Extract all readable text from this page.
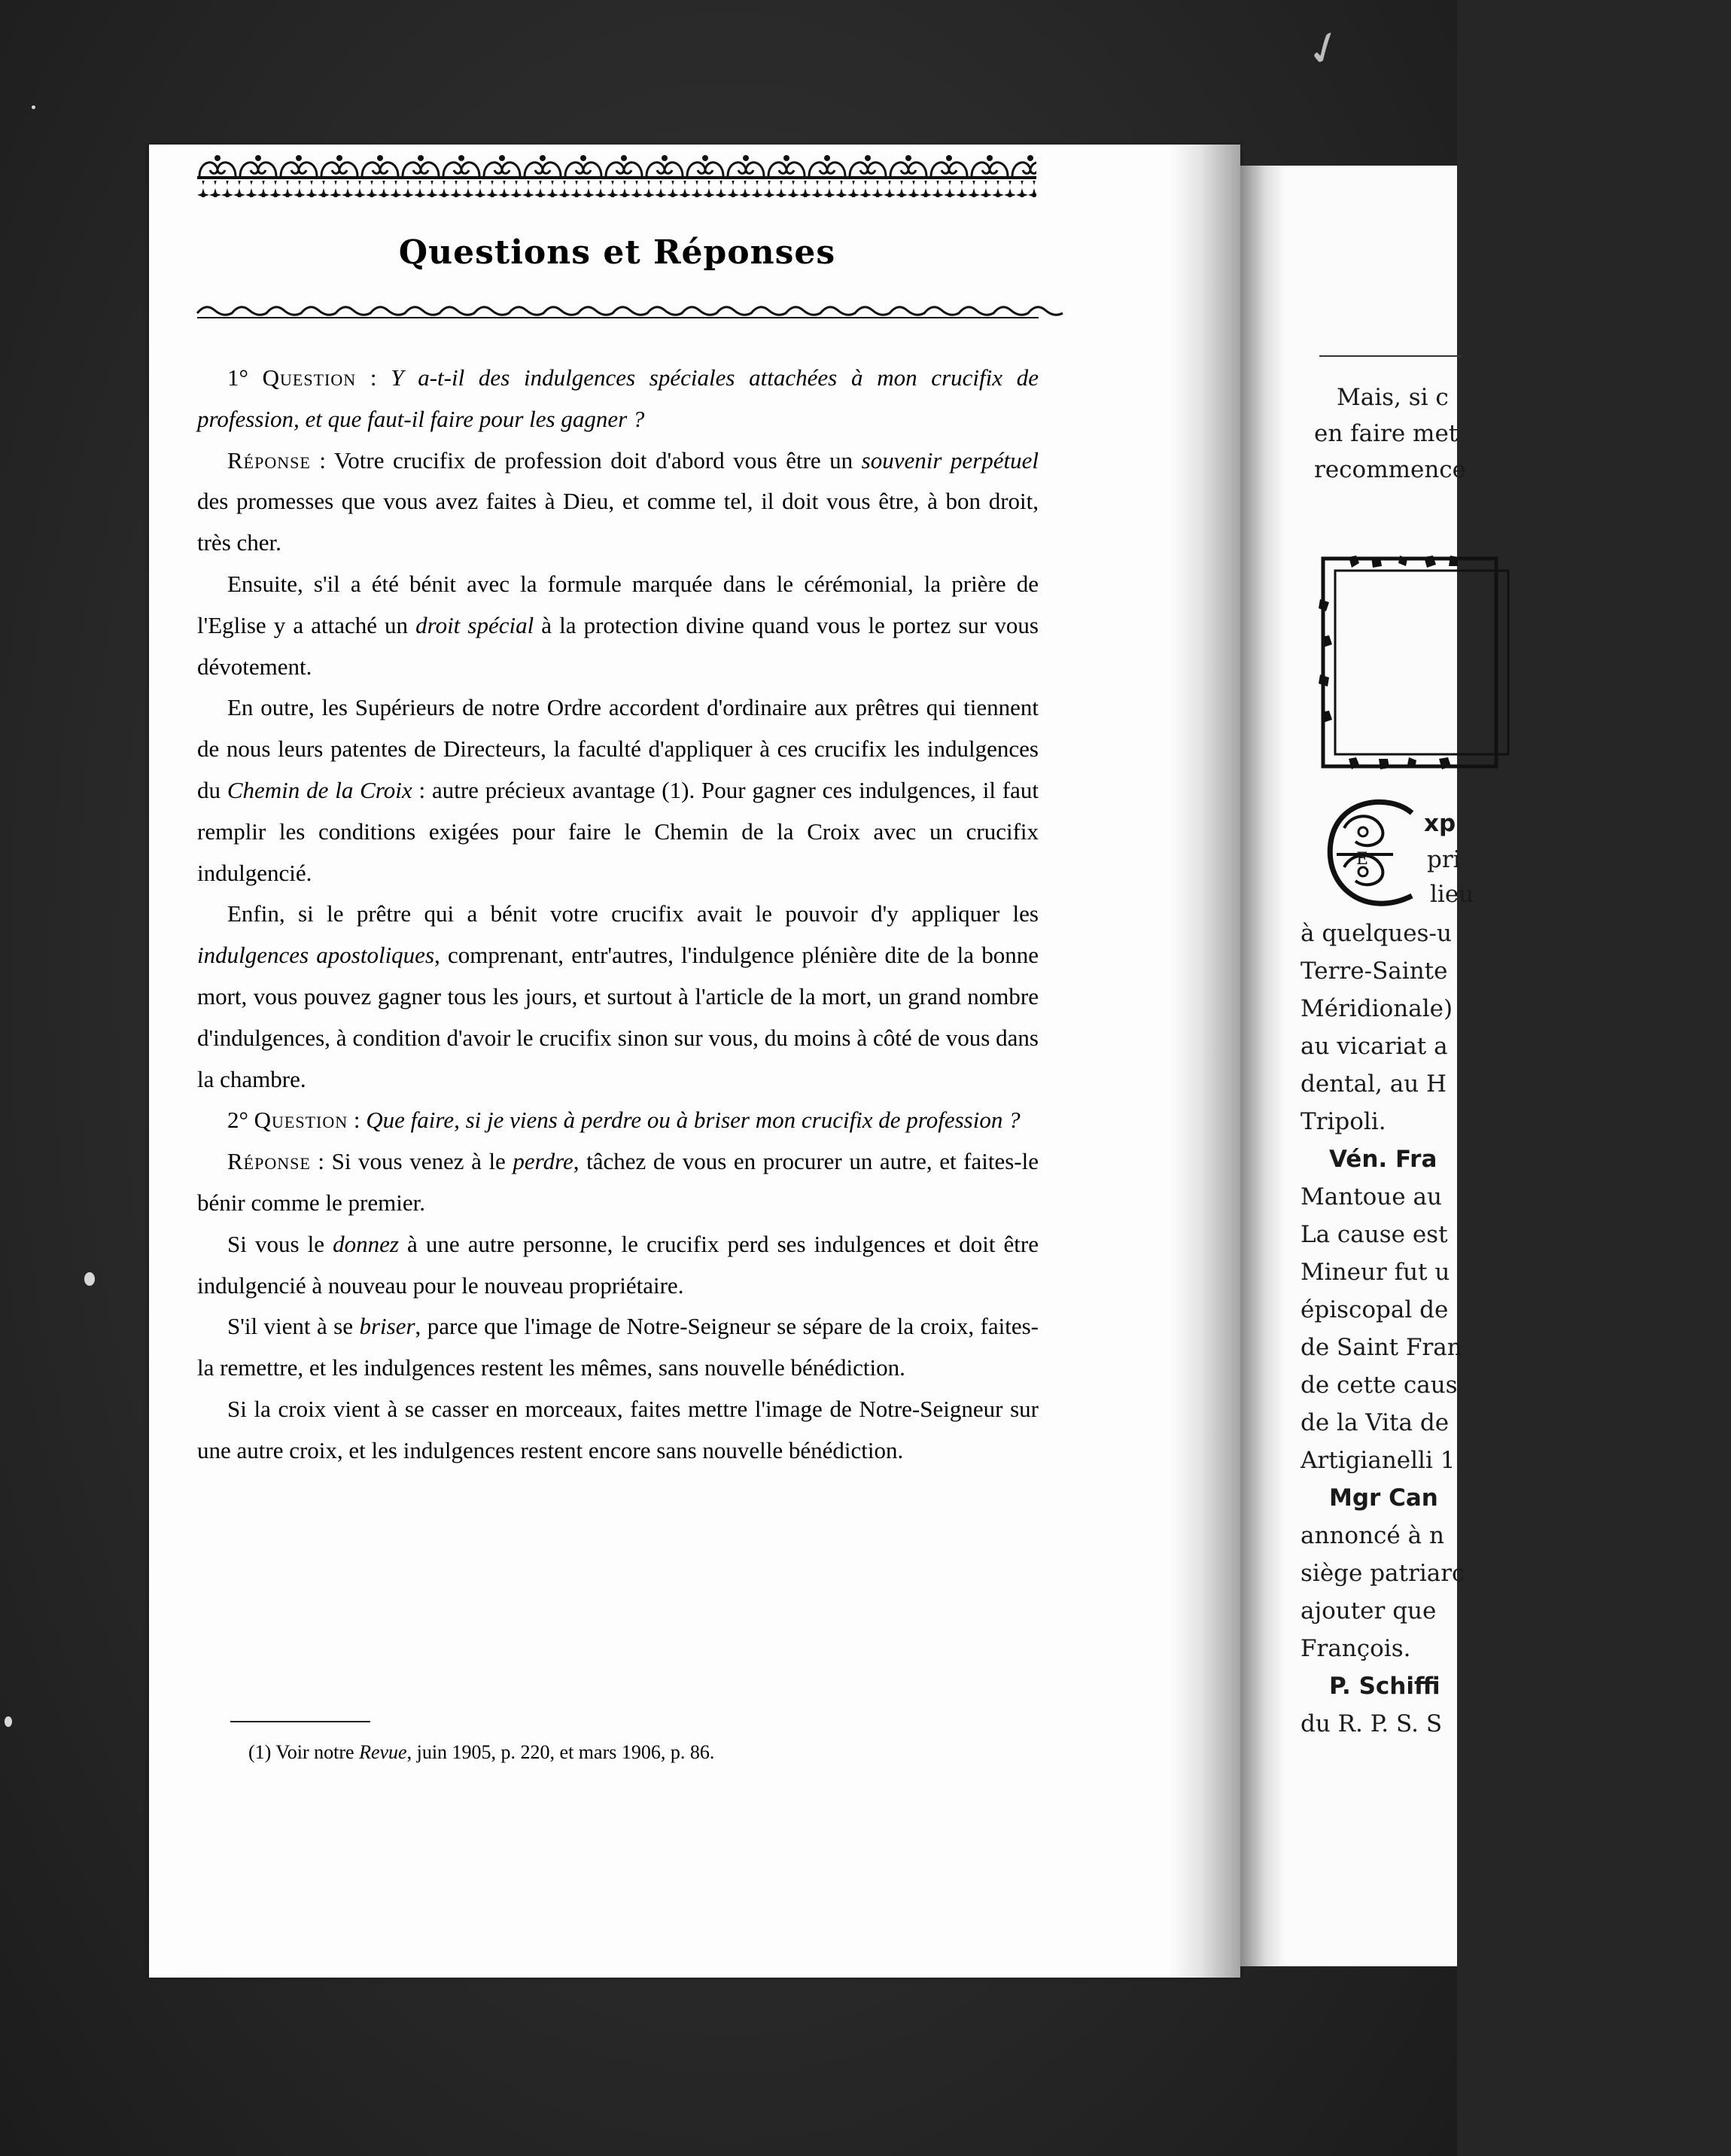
✓
Questions et Réponses

1° Question : Y a-t-il des indulgences spéciales attachées à mon crucifix de profession, et que faut-il faire pour les gagner ?

Réponse : Votre crucifix de profession doit d'abord vous être un souvenir perpétuel des promesses que vous avez faites à Dieu, et comme tel, il doit vous être, à bon droit, très cher.

Ensuite, s'il a été bénit avec la formule marquée dans le cérémonial, la prière de l'Eglise y a attaché un droit spécial à la protection divine quand vous le portez sur vous dévotement.

En outre, les Supérieurs de notre Ordre accordent d'ordinaire aux prêtres qui tiennent de nous leurs patentes de Directeurs, la faculté d'appliquer à ces crucifix les indulgences du Chemin de la Croix : autre précieux avantage (1). Pour gagner ces indulgences, il faut remplir les conditions exigées pour faire le Chemin de la Croix avec un crucifix indulgencié.

Enfin, si le prêtre qui a bénit votre crucifix avait le pouvoir d'y appliquer les indulgences apostoliques, comprenant, entr'autres, l'indulgence plénière dite de la bonne mort, vous pouvez gagner tous les jours, et surtout à l'article de la mort, un grand nombre d'indulgences, à condition d'avoir le crucifix sinon sur vous, du moins à côté de vous dans la chambre.

2° Question : Que faire, si je viens à perdre ou à briser mon crucifix de profession ?

Réponse : Si vous venez à le perdre, tâchez de vous en procurer un autre, et faites-le bénir comme le premier.

Si vous le donnez à une autre personne, le crucifix perd ses indulgences et doit être indulgencié à nouveau pour le nouveau propriétaire.

S'il vient à se briser, parce que l'image de Notre-Seigneur se sépare de la croix, faites-la remettre, et les indulgences restent les mêmes, sans nouvelle bénédiction.

Si la croix vient à se casser en morceaux, faites mettre l'image de Notre-Seigneur sur une autre croix, et les indulgences restent encore sans nouvelle bénédiction.

(1) Voir notre Revue, juin 1905, p. 220, et mars 1906, p. 86.
Mais, si c
en faire met
recommence
E
xp
pri
lieu
à quelques-u
Terre-Sainte
Méridionale)
au vicariat a
dental, au H
Tripoli.
Vén. Fra
Mantoue au
La cause est
Mineur fut u
épiscopal de
de Saint Fran
de cette caus
de la Vita de
Artigianelli 1
Mgr Can
annoncé à n
siège patriarc
ajouter que
François.
P. Schiffi
du R. P. S. S
